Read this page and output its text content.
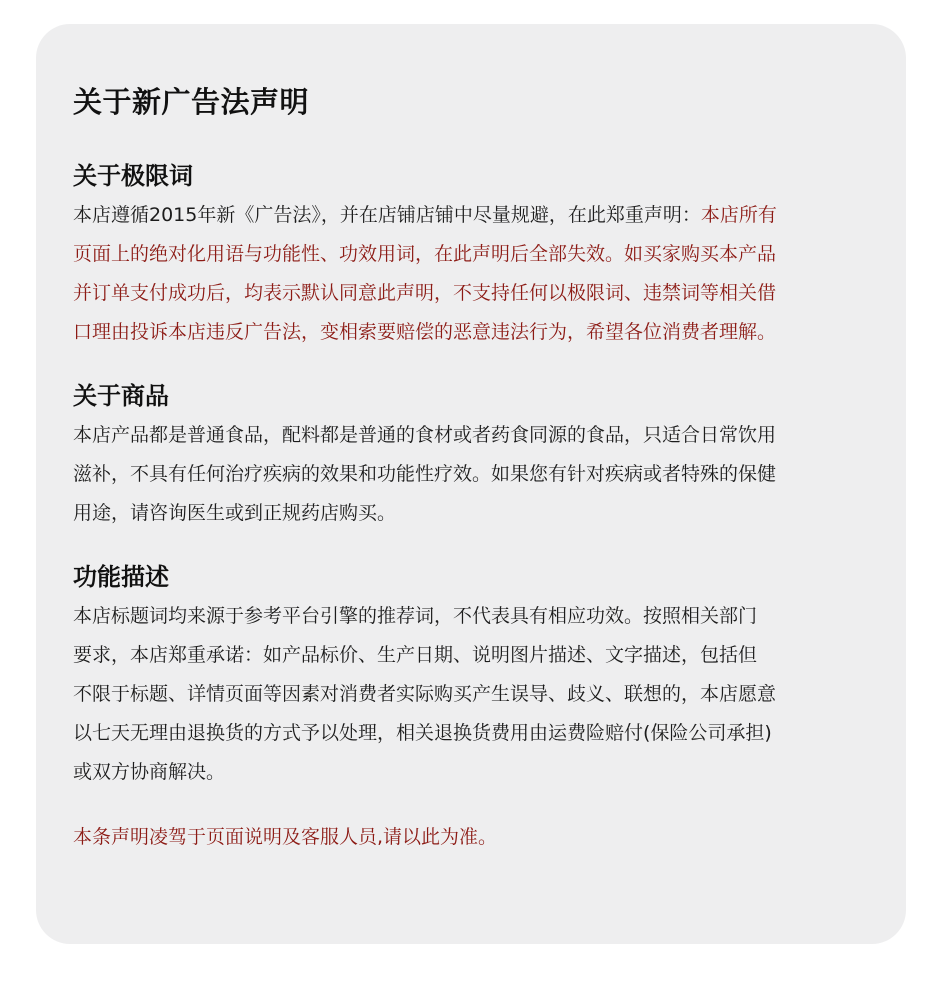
关于新广告法声明
关于极限词

本店遵循2015年新《广告法》，并在店铺店铺中尽量规避，在此郑重声明：本店所有
页面上的绝对化用语与功能性、功效用词，在此声明后全部失效。如买家购买本产品
并订单支付成功后，均表示默认同意此声明，不支持任何以极限词、违禁词等相关借
口理由投诉本店违反广告法，变相索要赔偿的恶意违法行为，希望各位消费者理解。

关于商品

本店产品都是普通食品，配料都是普通的食材或者药食同源的食品，只适合日常饮用
滋补，不具有任何治疗疾病的效果和功能性疗效。如果您有针对疾病或者特殊的保健
用途，请咨询医生或到正规药店购买。

功能描述

本店标题词均来源于参考平台引擎的推荐词，不代表具有相应功效。按照相关部门
要求，本店郑重承诺：如产品标价、生产日期、说明图片描述、文字描述，包括但
不限于标题、详情页面等因素对消费者实际购买产生误导、歧义、联想的，本店愿意
以七天无理由退换货的方式予以处理，相关退换货费用由运费险赔付(保险公司承担)
或双方协商解决。

本条声明凌驾于页面说明及客服人员,请以此为准。
